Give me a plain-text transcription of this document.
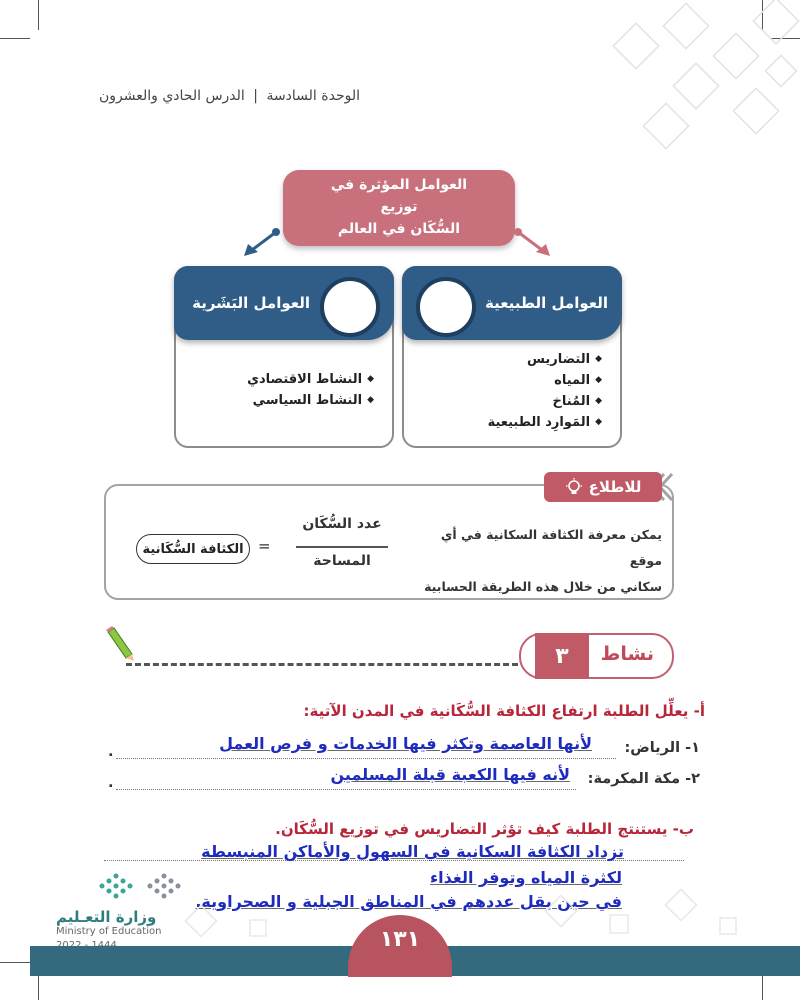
الوحدة السادسة | الدرس الحادي والعشرون
العوامل المؤثرة في توزيع
السُّكَان في العالم
العوامل الطبيعية
◆ التضاريس
◆ المياه
◆ المُناخ
◆ المَوارِد الطبيعية
العوامل البَشَرية
◆ النشاط الاقتصادي
◆ النشاط السياسي
للاطلاع
يمكن معرفة الكثافة السكانية في أي موقع
سكاني من خلال هذه الطريقة الحسابية
عدد السُّكَان
المساحة
=
الكثافة السُّكَانية
٣	نشاط
أ- يعلِّل الطلبة ارتفاع الكثافة السُّكَانية في المدن الآتية:
١- الرياض:
لأنها العاصمة وتكثر فيها الخدمات و فرص العمل
.
٢- مكة المكرمة:
لأنه فيها الكعبة قبلة المسلمين
.
ب- يستنتج الطلبة كيف تؤثر التضاريس في توزيع السُّكَان.
تزداد الكثافة السكانية في السهول والأماكن المنبسطة
لكثرة المياه وتوفر الغذاء
في حين يقل عددهم في المناطق الجبلية و الصحراوية.
وزارة التعـليم
Ministry of Education	١٣١
